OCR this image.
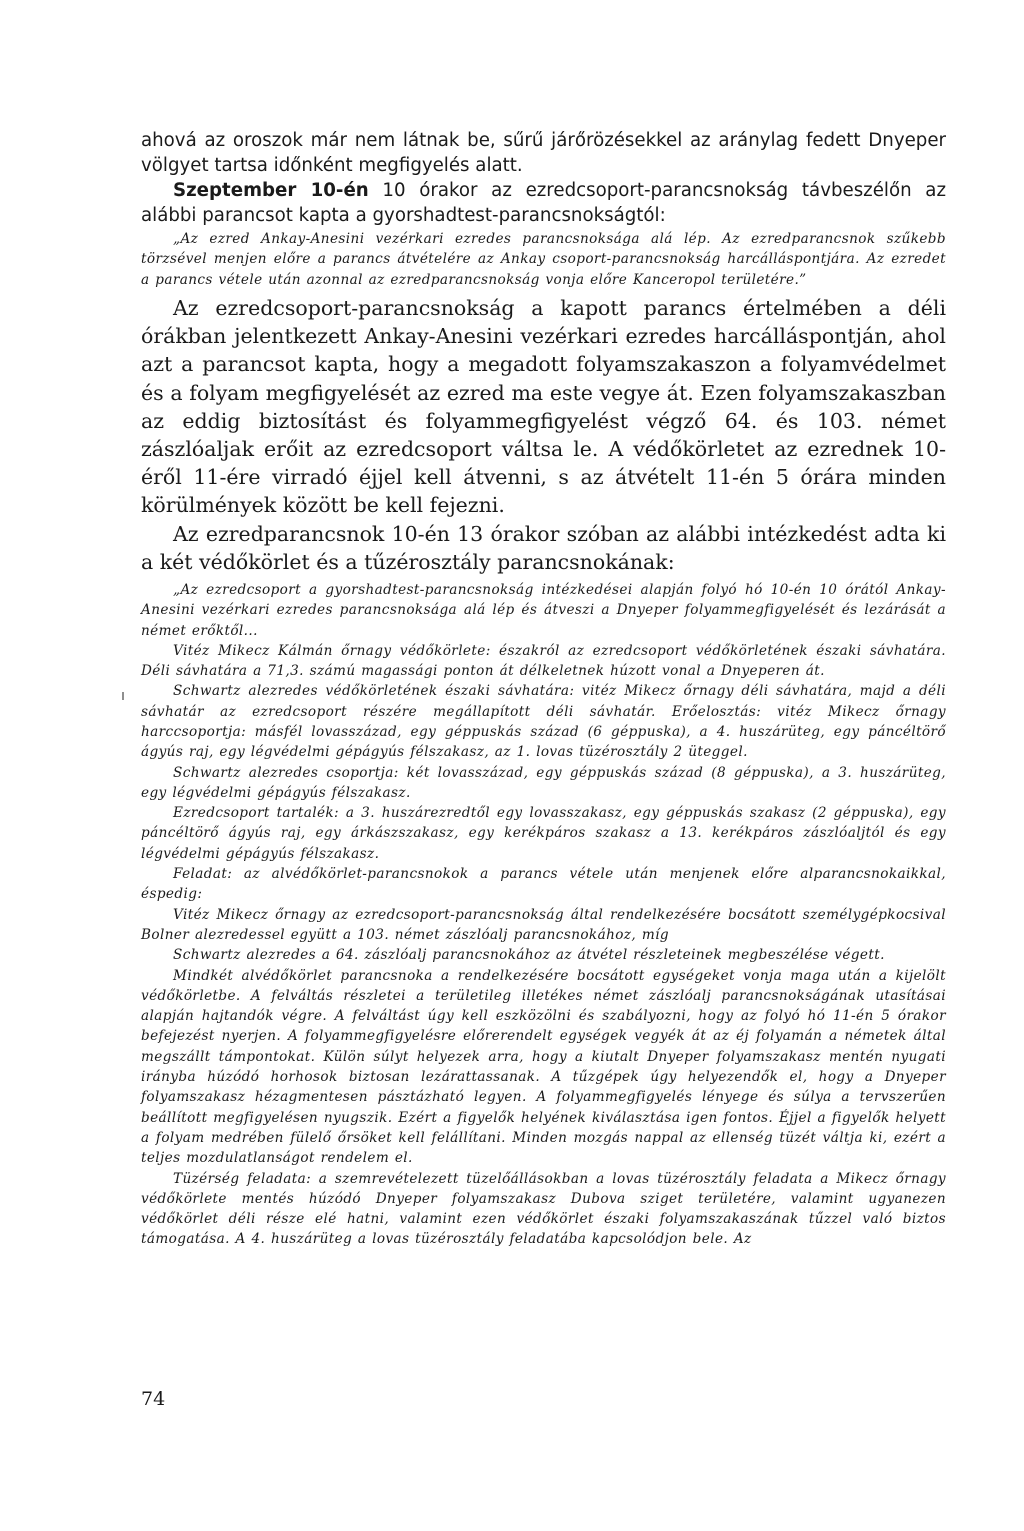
ahová az oroszok már nem látnak be, sűrű járőrözésekkel az aránylag fedett Dnyeper völgyet tartsa időnként megfigyelés alatt.

Szeptember 10-én 10 órakor az ezredcsoport-parancsnokság távbeszélőn az alábbi parancsot kapta a gyorshadtest-parancsnokságtól:

„Az ezred Ankay-Anesini vezérkari ezredes parancsnoksága alá lép. Az ezredparancsnok szűkebb törzsével menjen előre a parancs átvételére az Ankay csoport-parancsnokság harcálláspontjára. Az ezredet a parancs vétele után azonnal az ezredparancsnokság vonja előre Kanceropol területére.”

Az ezredcsoport-parancsnokság a kapott parancs értelmében a déli órákban jelentkezett Ankay-Anesini vezérkari ezredes harcálláspontján, ahol azt a parancsot kapta, hogy a megadott folyamszakaszon a folyamvédelmet és a folyam megfigyelését az ezred ma este vegye át. Ezen folyamszakaszban az eddig biztosítást és folyammegfigyelést végző 64. és 103. német zászlóaljak erőit az ezredcsoport váltsa le. A védőkörletet az ezrednek 10-éről 11-ére virradó éjjel kell átvenni, s az átvételt 11-én 5 órára minden körülmények között be kell fejezni.

Az ezredparancsnok 10-én 13 órakor szóban az alábbi intézkedést adta ki a két védőkörlet és a tűzérosztály parancsnokának:

„Az ezredcsoport a gyorshadtest-parancsnokság intézkedései alapján folyó hó 10-én 10 órától Ankay-Anesini vezérkari ezredes parancsnoksága alá lép és átveszi a Dnyeper folyammegfigyelését és lezárását a német erőktől...

Vitéz Mikecz Kálmán őrnagy védőkörlete: északról az ezredcsoport védőkörletének északi sávhatára. Déli sávhatára a 71,3. számú magassági ponton át délkeletnek húzott vonal a Dnyeperen át.

Schwartz alezredes védőkörletének északi sávhatára: vitéz Mikecz őrnagy déli sávhatára, majd a déli sávhatár az ezredcsoport részére megállapított déli sávhatár. Erőelosztás: vitéz Mikecz őrnagy harccsoportja: másfél lovasszázad, egy géppuskás század (6 géppuska), a 4. huszárüteg, egy páncéltörő ágyús raj, egy légvédelmi gépágyús félszakasz, az 1. lovas tüzérosztály 2 üteggel.

Schwartz alezredes csoportja: két lovasszázad, egy géppuskás század (8 géppuska), a 3. huszárüteg, egy légvédelmi gépágyús félszakasz.

Ezredcsoport tartalék: a 3. huszárezredtől egy lovasszakasz, egy géppuskás szakasz (2 géppuska), egy páncéltörő ágyús raj, egy árkászszakasz, egy kerékpáros szakasz a 13. kerékpáros zászlóaljtól és egy légvédelmi gépágyús félszakasz.

Feladat: az alvédőkörlet-parancsnokok a parancs vétele után menjenek előre alparancsnokaikkal, éspedig:

Vitéz Mikecz őrnagy az ezredcsoport-parancsnokság által rendelkezésére bocsátott személygépkocsival Bolner alezredessel együtt a 103. német zászlóalj parancsnokához, míg

Schwartz alezredes a 64. zászlóalj parancsnokához az átvétel részleteinek megbeszélése végett.

Mindkét alvédőkörlet parancsnoka a rendelkezésére bocsátott egységeket vonja maga után a kijelölt védőkörletbe. A felváltás részletei a területileg illetékes német zászlóalj parancsnokságának utasításai alapján hajtandók végre. A felváltást úgy kell eszközölni és szabályozni, hogy az folyó hó 11-én 5 órakor befejezést nyerjen. A folyammegfigyelésre előrerendelt egységek vegyék át az éj folyamán a németek által megszállt támpontokat. Külön súlyt helyezek arra, hogy a kiutalt Dnyeper folyamszakasz mentén nyugati irányba húzódó horhosok biztosan lezárattassanak. A tűzgépek úgy helyezendők el, hogy a Dnyeper folyamszakasz hézagmentesen pásztázható legyen. A folyammegfigyelés lényege és súlya a tervszerűen beállított megfigyelésen nyugszik. Ezért a figyelők helyének kiválasztása igen fontos. Éjjel a figyelők helyett a folyam medrében fülelő őrsöket kell felállítani. Minden mozgás nappal az ellenség tüzét váltja ki, ezért a teljes mozdulatlanságot rendelem el.

Tüzérség feladata: a szemrevételezett tüzelőállásokban a lovas tüzérosztály feladata a Mikecz őrnagy védőkörlete mentés húzódó Dnyeper folyamszakasz Dubova sziget területére, valamint ugyanezen védőkörlet déli része elé hatni, valamint ezen védőkörlet északi folyamszakaszának tűzzel való biztos támogatása. A 4. huszárüteg a lovas tüzérosztály feladatába kapcsolódjon bele. Az

74
